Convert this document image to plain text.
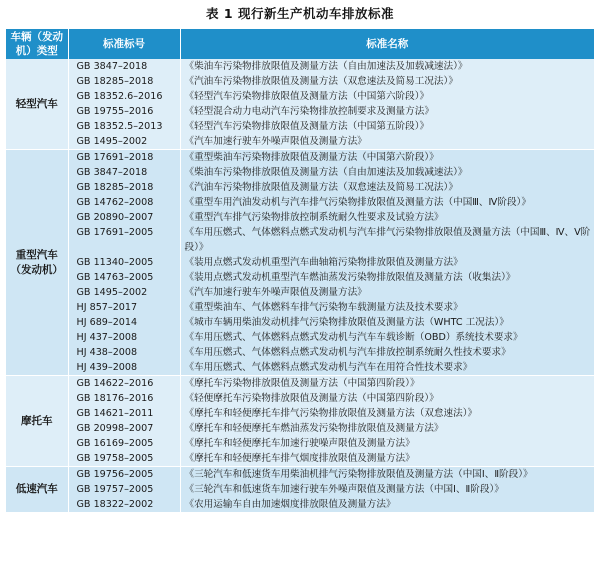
表 1 现行新生产机动车排放标准
车辆（发动机）类型	标准标号	标准名称
轻型汽车	GB 3847–2018	《柴油车污染物排放限值及测量方法（自由加速法及加载减速法）》
	GB 18285–2018	《汽油车污染物排放限值及测量方法（双怠速法及简易工况法）》
	GB 18352.6–2016	《轻型汽车污染物排放限值及测量方法（中国第六阶段）》
	GB 19755–2016	《轻型混合动力电动汽车污染物排放控制要求及测量方法》
	GB 18352.5–2013	《轻型汽车污染物排放限值及测量方法（中国第五阶段）》
	GB 1495–2002	《汽车加速行驶车外噪声限值及测量方法》
重型汽车（发动机）	GB 17691–2018	《重型柴油车污染物排放限值及测量方法（中国第六阶段）》
	GB 3847–2018	《柴油车污染物排放限值及测量方法（自由加速法及加载减速法）》
	GB 18285–2018	《汽油车污染物排放限值及测量方法（双怠速法及简易工况法）》
	GB 14762–2008	《重型车用汽油发动机与汽车排气污染物排放限值及测量方法（中国Ⅲ、Ⅳ阶段）》
	GB 20890–2007	《重型汽车排气污染物排放控制系统耐久性要求及试验方法》
	GB 17691–2005	《车用压燃式、气体燃料点燃式发动机与汽车排气污染物排放限值及测量方法（中国Ⅲ、Ⅳ、Ⅴ阶段）》
	GB 11340–2005	《装用点燃式发动机重型汽车曲轴箱污染物排放限值及测量方法》
	GB 14763–2005	《装用点燃式发动机重型汽车燃油蒸发污染物排放限值及测量方法（收集法）》
	GB 1495–2002	《汽车加速行驶车外噪声限值及测量方法》
	HJ 857–2017	《重型柴油车、气体燃料车排气污染物车载测量方法及技术要求》
	HJ 689–2014	《城市车辆用柴油发动机排气污染物排放限值及测量方法（WHTC 工况法）》
	HJ 437–2008	《车用压燃式、气体燃料点燃式发动机与汽车车载诊断（OBD）系统技术要求》
	HJ 438–2008	《车用压燃式、气体燃料点燃式发动机与汽车排放控制系统耐久性技术要求》
	HJ 439–2008	《车用压燃式、气体燃料点燃式发动机与汽车在用符合性技术要求》
摩托车	GB 14622–2016	《摩托车污染物排放限值及测量方法（中国第四阶段）》
	GB 18176–2016	《轻便摩托车污染物排放限值及测量方法（中国第四阶段）》
	GB 14621–2011	《摩托车和轻便摩托车排气污染物排放限值及测量方法（双怠速法）》
	GB 20998–2007	《摩托车和轻便摩托车燃油蒸发污染物排放限值及测量方法》
	GB 16169–2005	《摩托车和轻便摩托车加速行驶噪声限值及测量方法》
	GB 19758–2005	《摩托车和轻便摩托车排气烟度排放限值及测量方法》
低速汽车	GB 19756–2005	《三轮汽车和低速货车用柴油机排气污染物排放限值及测量方法（中国Ⅰ、Ⅱ阶段）》
	GB 19757–2005	《三轮汽车和低速货车加速行驶车外噪声限值及测量方法（中国Ⅰ、Ⅱ阶段）》
	GB 18322–2002	《农用运输车自由加速烟度排放限值及测量方法》
